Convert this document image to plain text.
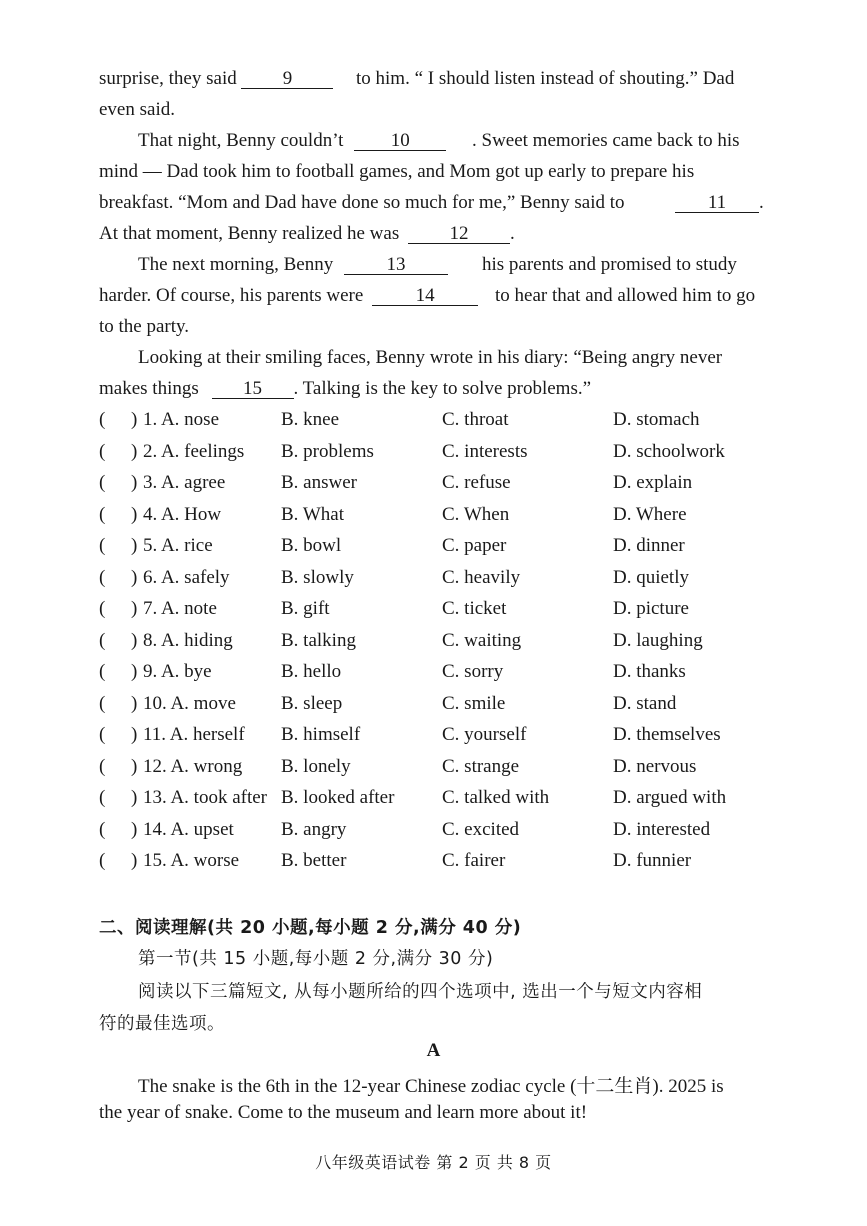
surprise, they said 9	to him. “ I should listen instead of shouting.” Dad
even said.
That night, Benny couldn’t 10	. Sweet memories came back to his
mind — Dad took him to football games, and Mom got up early to prepare his
breakfast. “Mom and Dad have done so much for me,” Benny said to	11 .
At that moment, Benny realized he was	12 .
The next morning, Benny	13	his parents and promised to study
harder. Of course, his parents were	14	to hear that and allowed him to go
to the party.
Looking at their smiling faces, Benny wrote in his diary: “Being angry never
makes things 15 . Talking is the key to solve problems.”
( ) 1. A. nose	B. knee	C. throat	D. stomach
( ) 2. A. feelings B. problems	C. interests	D. schoolwork
( ) 3. A. agree	B. answer	C. refuse	D. explain
( ) 4. A. How	B. What	C. When	D. Where
( ) 5. A. rice	B. bowl	C. paper	D. dinner
( ) 6. A. safely	B. slowly	C. heavily	D. quietly
( ) 7. A. note	B. gift	C. ticket	D. picture
( ) 8. A. hiding	B. talking	C. waiting	D. laughing
( ) 9. A. bye	B. hello	C. sorry	D. thanks
( ) 10. A. move B. sleep	C. smile	D. stand
( ) 11. A. herself B. himself	C. yourself	D. themselves
( ) 12. A. wrong B. lonely	C. strange	D. nervous
( ) 13. A. took after B. looked after	C. talked with	D. argued with
( ) 14. A. upset B. angry	C. excited	D. interested
( ) 15. A. worse B. better	C. fairer	D. funnier
二、阅读理解(共 20 小题,每小题 2 分,满分 40 分)
第一节(共 15 小题,每小题 2 分,满分 30 分)
阅读以下三篇短文, 从每小题所给的四个选项中, 选出一个与短文内容相
符的最佳选项。
A
The snake is the 6th in the 12-year Chinese zodiac cycle (十二生肖). 2025 is
the year of snake. Come to the museum and learn more about it!
八年级英语试卷 第 2 页 共 8 页
